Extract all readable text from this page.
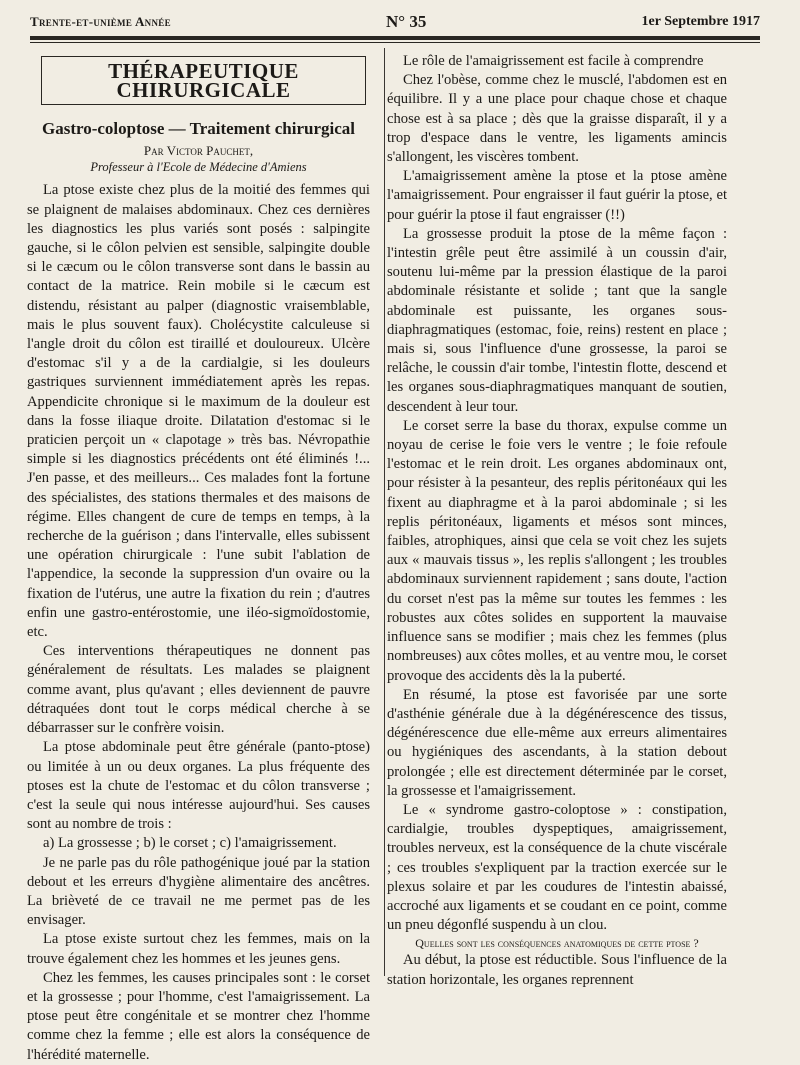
Trente-et-unième Année	N° 35	1er Septembre 1917
THÉRAPEUTIQUE CHIRURGICALE
Gastro-coloptose — Traitement chirurgical
Par Victor Pauchet,
Professeur à l'Ecole de Médecine d'Amiens

La ptose existe chez plus de la moitié des femmes qui se plaignent de malaises abdominaux. Chez ces dernières les diagnostics les plus variés sont posés : salpingite gauche, si le côlon pelvien est sensible, salpingite double si le cæcum ou le côlon transverse sont dans le bassin au contact de la matrice. Rein mobile si le cæcum est distendu, résistant au palper (diagnostic vraisemblable, mais le plus souvent faux). Cholécystite calculeuse si l'angle droit du côlon est tiraillé et douloureux. Ulcère d'estomac s'il y a de la cardialgie, si les douleurs gastriques surviennent immédiatement après les repas. Appendicite chronique si le maximum de la douleur est dans la fosse iliaque droite. Dilatation d'estomac si le praticien perçoit un « clapotage » très bas. Névropathie simple si les diagnostics précédents ont été éliminés !... J'en passe, et des meilleurs... Ces malades font la fortune des spécialistes, des stations thermales et des maisons de régime. Elles changent de cure de temps en temps, à la recherche de la guérison ; dans l'intervalle, elles subissent une opération chirurgicale : l'une subit l'ablation de l'appendice, la seconde la suppression d'un ovaire ou la fixation de l'utérus, une autre la fixation du rein ; d'autres enfin une gastro-entérostomie, une iléo-sigmoïdostomie, etc.

Ces interventions thérapeutiques ne donnent pas généralement de résultats. Les malades se plaignent comme avant, plus qu'avant ; elles deviennent de pauvre détraquées dont tout le corps médical cherche à se débarrasser sur le confrère voisin.

La ptose abdominale peut être générale (panto-ptose) ou limitée à un ou deux organes. La plus fréquente des ptoses est la chute de l'estomac et du côlon transverse ; c'est la seule qui nous intéresse aujourd'hui. Ses causes sont au nombre de trois :

a) La grossesse ; b) le corset ; c) l'amaigrissement.

Je ne parle pas du rôle pathogénique joué par la station debout et les erreurs d'hygiène alimentaire des ancêtres. La brièveté de ce travail ne me permet pas de les envisager.

La ptose existe surtout chez les femmes, mais on la trouve également chez les hommes et les jeunes gens.

Chez les femmes, les causes principales sont : le corset et la grossesse ; pour l'homme, c'est l'amaigrissement. La ptose peut être congénitale et se montrer chez l'homme comme chez la femme ; elle est alors la conséquence de l'hérédité maternelle.

Le rôle de l'amaigrissement est facile à comprendre

Chez l'obèse, comme chez le musclé, l'abdomen est en équilibre. Il y a une place pour chaque chose et chaque chose est à sa place ; dès que la graisse disparaît, il y a trop d'espace dans le ventre, les ligaments amincis s'allongent, les viscères tombent.

L'amaigrissement amène la ptose et la ptose amène l'amaigrissement. Pour engraisser il faut guérir la ptose, et pour guérir la ptose il faut engraisser (!!)

La grossesse produit la ptose de la même façon : l'intestin grêle peut être assimilé à un coussin d'air, soutenu lui-même par la pression élastique de la paroi abdominale résistante et solide ; tant que la sangle abdominale est puissante, les organes sous-diaphragmatiques (estomac, foie, reins) restent en place ; mais si, sous l'influence d'une grossesse, la paroi se relâche, le coussin d'air tombe, l'intestin flotte, descend et les organes sous-diaphragmatiques manquant de soutien, descendent à leur tour.

Le corset serre la base du thorax, expulse comme un noyau de cerise le foie vers le ventre ; le foie refoule l'estomac et le rein droit. Les organes abdominaux ont, pour résister à la pesanteur, des replis péritonéaux qui les fixent au diaphragme et à la paroi abdominale ; si les replis péritonéaux, ligaments et mésos sont minces, faibles, atrophiques, ainsi que cela se voit chez les sujets aux « mauvais tissus », les replis s'allongent ; les troubles abdominaux surviennent rapidement ; sans doute, l'action du corset n'est pas la même sur toutes les femmes : les robustes aux côtes solides en supportent la mauvaise influence sans se modifier ; mais chez les femmes (plus nombreuses) aux côtes molles, et au ventre mou, le corset provoque des accidents dès la la puberté.

En résumé, la ptose est favorisée par une sorte d'asthénie générale due à la dégénérescence des tissus, dégénérescence due elle-même aux erreurs alimentaires ou hygiéniques des ascendants, à la station debout prolongée ; elle est directement déterminée par le corset, la grossesse et l'amaigrissement.

Le « syndrome gastro-coloptose » : constipation, cardialgie, troubles dyspeptiques, amaigrissement, troubles nerveux, est la conséquence de la chute viscérale ; ces troubles s'expliquent par la traction exercée sur le plexus solaire et par les coudures de l'intestin abaissé, accroché aux ligaments et se coudant en ce point, comme un pneu dégonflé suspendu à un clou.

Quelles sont les conséquences anatomiques de cette ptose ?

Au début, la ptose est réductible. Sous l'influence de la station horizontale, les organes reprennent
